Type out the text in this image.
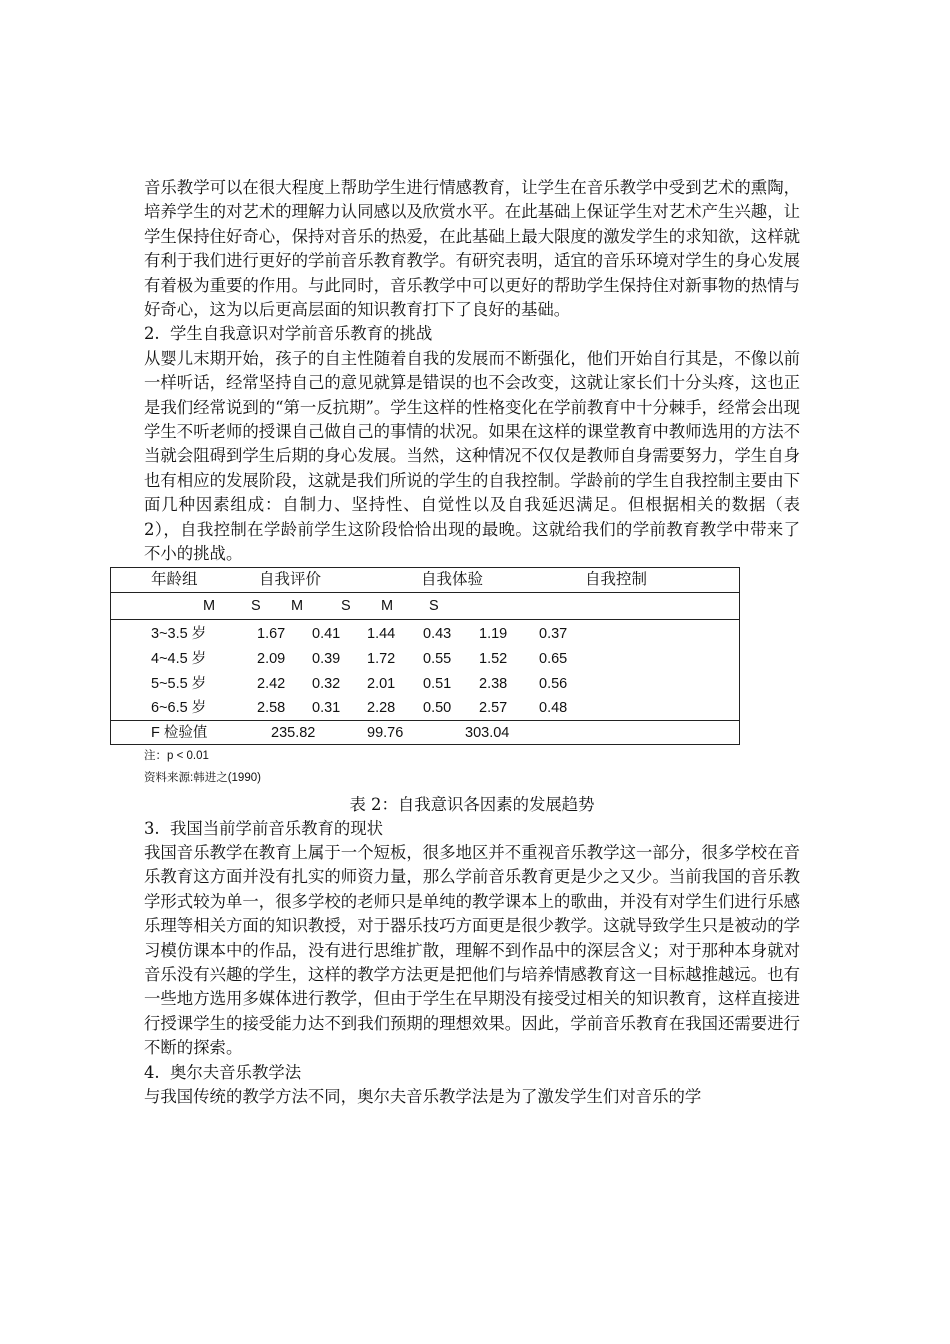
音乐教学可以在很大程度上帮助学生进行情感教育，让学生在音乐教学中受到艺术的熏陶，培养学生的对艺术的理解力认同感以及欣赏水平。在此基础上保证学生对艺术产生兴趣，让学生保持住好奇心，保持对音乐的热爱，在此基础上最大限度的激发学生的求知欲，这样就有利于我们进行更好的学前音乐教育教学。有研究表明，适宜的音乐环境对学生的身心发展有着极为重要的作用。与此同时，音乐教学中可以更好的帮助学生保持住对新事物的热情与好奇心，这为以后更高层面的知识教育打下了良好的基础。

2. 学生自我意识对学前音乐教育的挑战

从婴儿末期开始，孩子的自主性随着自我的发展而不断强化，他们开始自行其是，不像以前一样听话，经常坚持自己的意见就算是错误的也不会改变，这就让家长们十分头疼，这也正是我们经常说到的“第一反抗期”。学生这样的性格变化在学前教育中十分棘手，经常会出现学生不听老师的授课自己做自己的事情的状况。如果在这样的课堂教育中教师选用的方法不当就会阻碍到学生后期的身心发展。当然，这种情况不仅仅是教师自身需要努力，学生自身也有相应的发展阶段，这就是我们所说的学生的自我控制。学龄前的学生自我控制主要由下面几种因素组成：自制力、坚持性、自觉性以及自我延迟满足。但根据相关的数据（表 2），自我控制在学龄前学生这阶段恰恰出现的最晚。这就给我们的学前教育教学中带来了不小的挑战。

年龄组	自我评价	自我体验	自我控制
M S M	S M S
3~3.5 岁	1.67 0.41 1.44 0.43 1.19 0.37
4~4.5 岁	2.09 0.39 1.72 0.55 1.52 0.65
5~5.5 岁	2.42 0.32 2.01 0.51 2.38 0.56
6~6.5 岁	2.58 0.31 2.28 0.50 2.57 0.48
F 检验值	235.82	99.76	303.04

注：p < 0.01

资料来源:韩进之(1990)

表 2：自我意识各因素的发展趋势

3. 我国当前学前音乐教育的现状

我国音乐教学在教育上属于一个短板，很多地区并不重视音乐教学这一部分，很多学校在音乐教育这方面并没有扎实的师资力量，那么学前音乐教育更是少之又少。当前我国的音乐教学形式较为单一，很多学校的老师只是单纯的教学课本上的歌曲，并没有对学生们进行乐感乐理等相关方面的知识教授，对于器乐技巧方面更是很少教学。这就导致学生只是被动的学习模仿课本中的作品，没有进行思维扩散，理解不到作品中的深层含义；对于那种本身就对音乐没有兴趣的学生，这样的教学方法更是把他们与培养情感教育这一目标越推越远。也有一些地方选用多媒体进行教学，但由于学生在早期没有接受过相关的知识教育，这样直接进行授课学生的接受能力达不到我们预期的理想效果。因此，学前音乐教育在我国还需要进行不断的探索。

4. 奥尔夫音乐教学法

与我国传统的教学方法不同，奥尔夫音乐教学法是为了激发学生们对音乐的学
